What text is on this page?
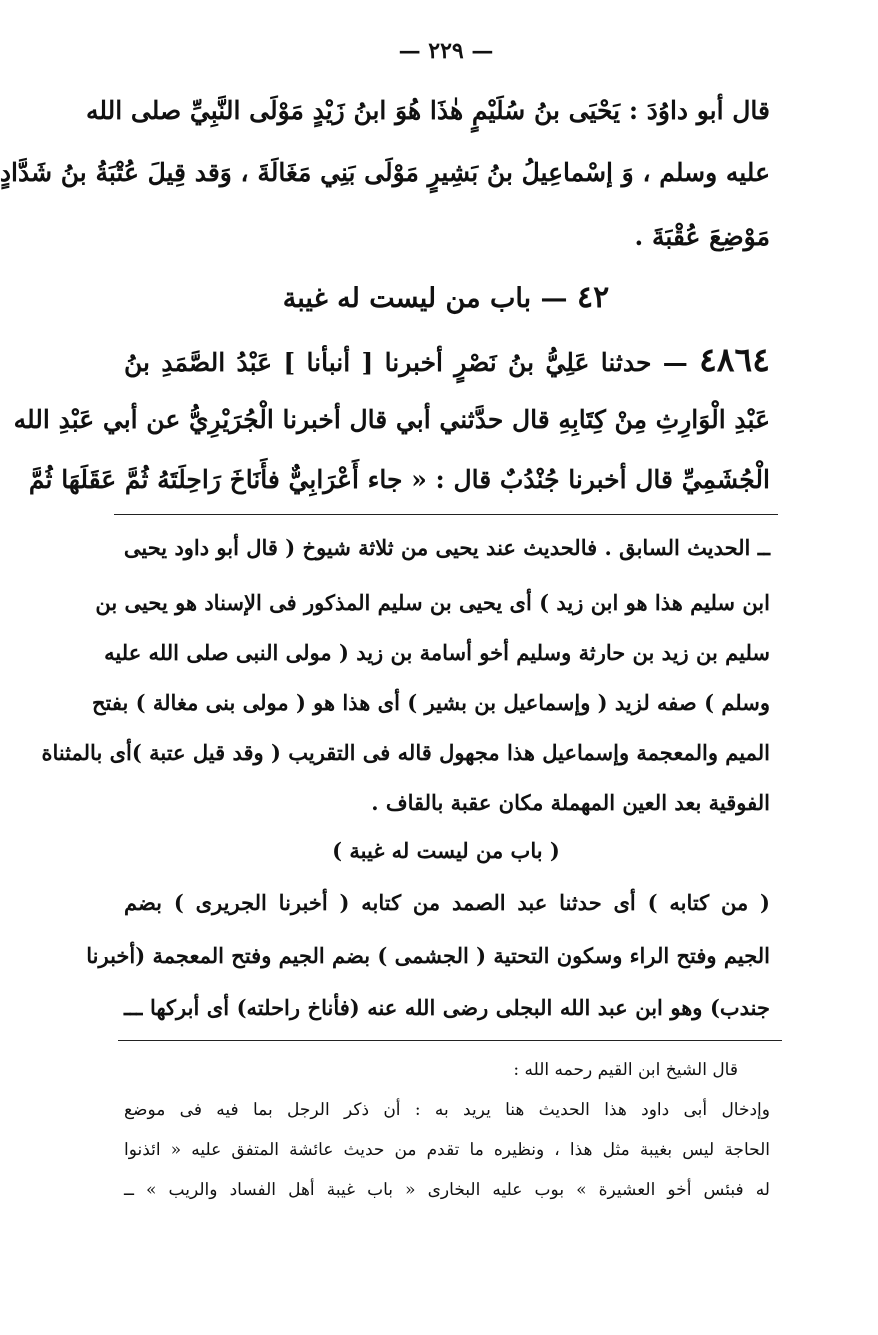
— ٢٢٩ —
قال أبو داوُدَ : يَحْيَى بنُ سُلَيْمٍ هٰذَا هُوَ ابنُ زَيْدٍ مَوْلَى النَّبِيِّ صلى الله
عليه وسلم ، وَ إسْماعِيلُ بنُ بَشِيرٍ مَوْلَى بَنِي مَغَالَةَ ، وَقد قِيلَ عُتْبَةُ بنُ شَدَّادٍ
مَوْضِعَ عُقْبَةَ .
٤٢ — باب من ليست له غيبة
٤٨٦٤ — حدثنا عَلِيُّ بنُ نَصْرٍ أخبرنا [ أنبأنا ] عَبْدُ الصَّمَدِ بنُ
عَبْدِ الْوَارِثِ مِنْ كِتَابِهِ قال حدَّثني أبي قال أخبرنا الْجُرَيْرِيُّ عن أبي عَبْدِ الله
الْجُشَمِيِّ قال أخبرنا جُنْدُبٌ قال : « جاء أَعْرَابِيٌّ فأَنَاخَ رَاحِلَتَهُ ثُمَّ عَقَلَهَا ثُمَّ
ــ الحديث السابق . فالحديث عند يحيى من ثلاثة شيوخ ( قال أبو داود يحيى
ابن سليم هذا هو ابن زيد ) أى يحيى بن سليم المذكور فى الإسناد هو يحيى بن
سليم بن زيد بن حارثة وسليم أخو أسامة بن زيد ( مولى النبى صلى الله عليه
وسلم ) صفه لزيد ( وإسماعيل بن بشير ) أى هذا هو ( مولى بنى مغالة ) بفتح
الميم والمعجمة وإسماعيل هذا مجهول قاله فى التقريب ( وقد قيل عتبة )أى بالمثناة
الفوقية بعد العين المهملة مكان عقبة بالقاف .
( باب من ليست له غيبة )
( من كتابه ) أى حدثنا عبد الصمد من كتابه ( أخبرنا الجريرى ) بضم
الجيم وفتح الراء وسكون التحتية ( الجشمى ) بضم الجيم وفتح المعجمة (أخبرنا
جندب) وهو ابن عبد الله البجلى رضى الله عنه (فأناخ راحلته) أى أبركها ـــ
قال الشيخ ابن القيم رحمه الله :
وإدخال أبى داود هذا الحديث هنا يريد به : أن ذكر الرجل بما فيه فى موضع
الحاجة ليس بغيبة مثل هذا ، ونظيره ما تقدم من حديث عائشة المتفق عليه « ائذنوا
له فبئس أخو العشيرة » بوب عليه البخارى « باب غيبة أهل الفساد والريب » ــ
